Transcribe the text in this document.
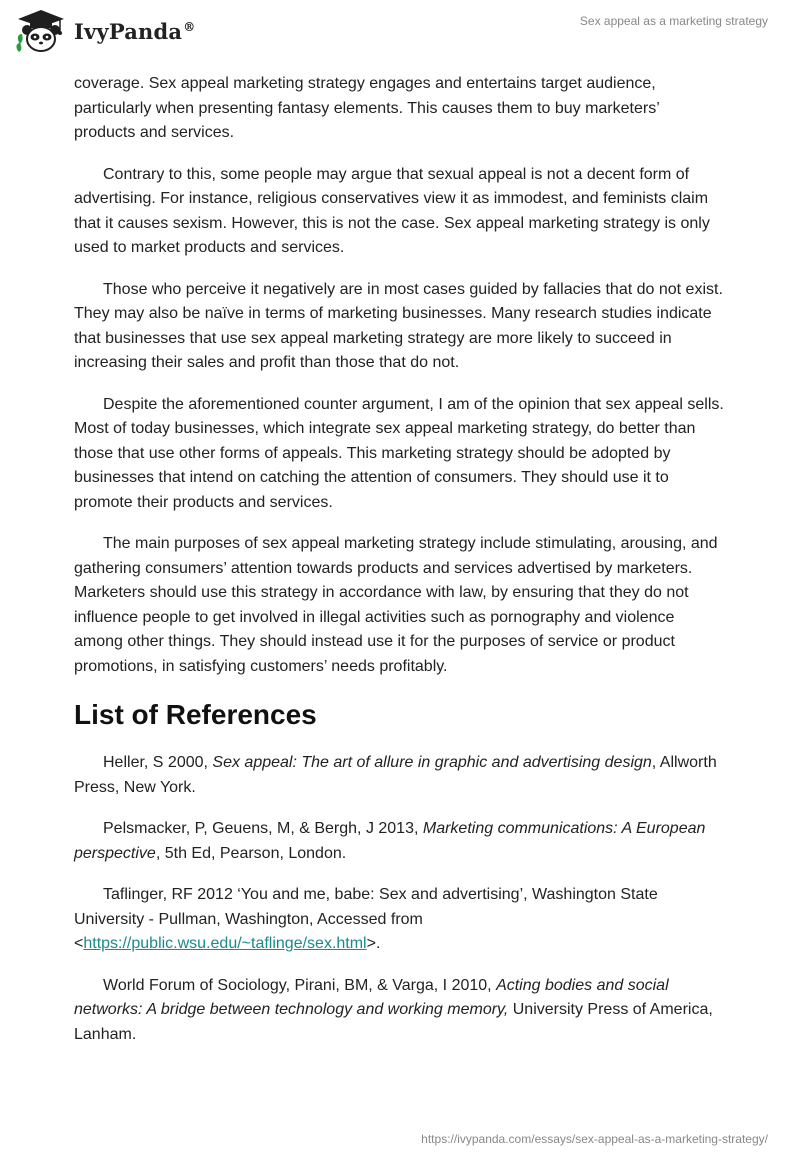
IvyPanda®	Sex appeal as a marketing strategy

coverage. Sex appeal marketing strategy engages and entertains target audience, particularly when presenting fantasy elements. This causes them to buy marketers’ products and services.

Contrary to this, some people may argue that sexual appeal is not a decent form of advertising. For instance, religious conservatives view it as immodest, and feminists claim that it causes sexism. However, this is not the case. Sex appeal marketing strategy is only used to market products and services.

Those who perceive it negatively are in most cases guided by fallacies that do not exist. They may also be naïve in terms of marketing businesses. Many research studies indicate that businesses that use sex appeal marketing strategy are more likely to succeed in increasing their sales and profit than those that do not.

Despite the aforementioned counter argument, I am of the opinion that sex appeal sells. Most of today businesses, which integrate sex appeal marketing strategy, do better than those that use other forms of appeals. This marketing strategy should be adopted by businesses that intend on catching the attention of consumers. They should use it to promote their products and services.

The main purposes of sex appeal marketing strategy include stimulating, arousing, and gathering consumers’ attention towards products and services advertised by marketers. Marketers should use this strategy in accordance with law, by ensuring that they do not influence people to get involved in illegal activities such as pornography and violence among other things. They should instead use it for the purposes of service or product promotions, in satisfying customers’ needs profitably.

List of References

Heller, S 2000, Sex appeal: The art of allure in graphic and advertising design, Allworth Press, New York.

Pelsmacker, P, Geuens, M, & Bergh, J 2013, Marketing communications: A European perspective, 5th Ed, Pearson, London.

Taflinger, RF 2012 ‘You and me, babe: Sex and advertising’, Washington State University - Pullman, Washington, Accessed from <https://public.wsu.edu/~taflinge/sex.html>.

World Forum of Sociology, Pirani, BM, & Varga, I 2010, Acting bodies and social networks: A bridge between technology and working memory, University Press of America, Lanham.

https://ivypanda.com/essays/sex-appeal-as-a-marketing-strategy/
